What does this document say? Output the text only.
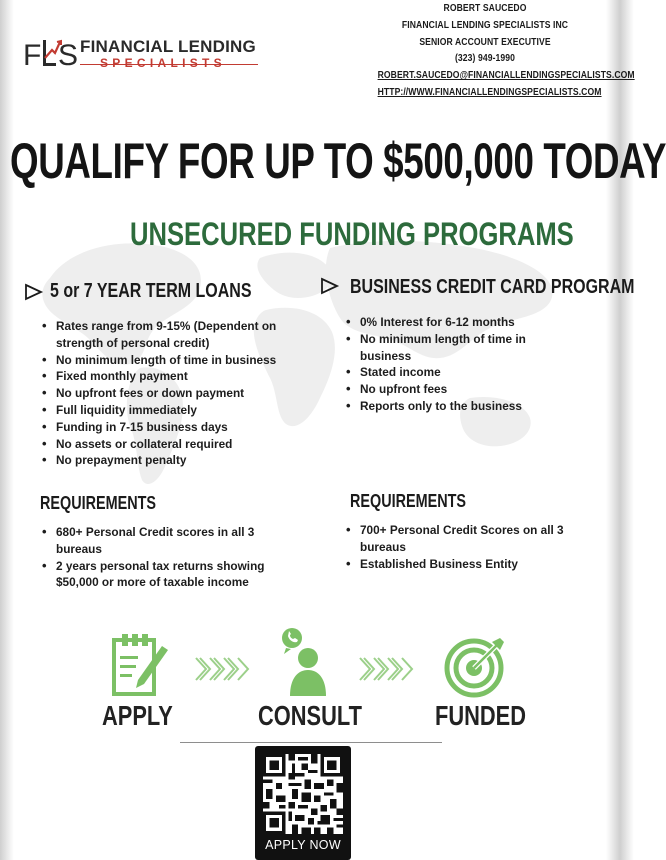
F S FINANCIAL LENDING
SPECIALISTS
ROBERT SAUCEDO
FINANCIAL LENDING SPECIALISTS INC
SENIOR ACCOUNT EXECUTIVE
(323) 949-1990
ROBERT.SAUCEDO@FINANCIALLENDINGSPECIALISTS.COM
HTTP://WWW.FINANCIALLENDINGSPECIALISTS.COM
QUALIFY FOR UP TO $500,000 TODAY
UNSECURED FUNDING PROGRAMS
5 or 7 YEAR TERM LOANS
• Rates range from 9-15% (Dependent on strength of personal credit)
• No minimum length of time in business
• Fixed monthly payment
• No upfront fees or down payment
• Full liquidity immediately
• Funding in 7-15 business days
• No assets or collateral required
• No prepayment penalty
REQUIREMENTS
• 680+ Personal Credit scores in all 3 bureaus
• 2 years personal tax returns showing $50,000 or more of taxable income
BUSINESS CREDIT CARD PROGRAM
• 0% Interest for 6-12 months
• No minimum length of time in business
• Stated income
• No upfront fees
• Reports only to the business
REQUIREMENTS
• 700+ Personal Credit Scores on all 3 bureaus
• Established Business Entity
APPLY	CONSULT	FUNDED
APPLY NOW
